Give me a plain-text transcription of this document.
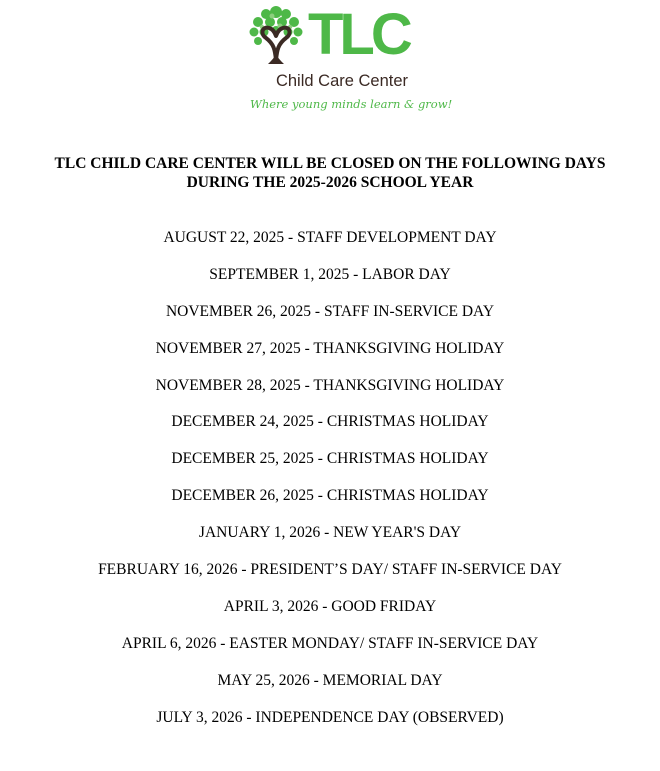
TLC
Child Care Center
Where young minds learn & grow!
TLC CHILD CARE CENTER WILL BE CLOSED ON THE FOLLOWING DAYS
DURING THE 2025-2026 SCHOOL YEAR
AUGUST 22, 2025 - STAFF DEVELOPMENT DAY
SEPTEMBER 1, 2025 - LABOR DAY
NOVEMBER 26, 2025 - STAFF IN-SERVICE DAY
NOVEMBER 27, 2025 - THANKSGIVING HOLIDAY
NOVEMBER 28, 2025 - THANKSGIVING HOLIDAY
DECEMBER 24, 2025 - CHRISTMAS HOLIDAY
DECEMBER 25, 2025 - CHRISTMAS HOLIDAY
DECEMBER 26, 2025 - CHRISTMAS HOLIDAY
JANUARY 1, 2026 - NEW YEAR'S DAY
FEBRUARY 16, 2026 - PRESIDENT’S DAY/ STAFF IN-SERVICE DAY
APRIL 3, 2026 - GOOD FRIDAY
APRIL 6, 2026 - EASTER MONDAY/ STAFF IN-SERVICE DAY
MAY 25, 2026 - MEMORIAL DAY
JULY 3, 2026 - INDEPENDENCE DAY (OBSERVED)
